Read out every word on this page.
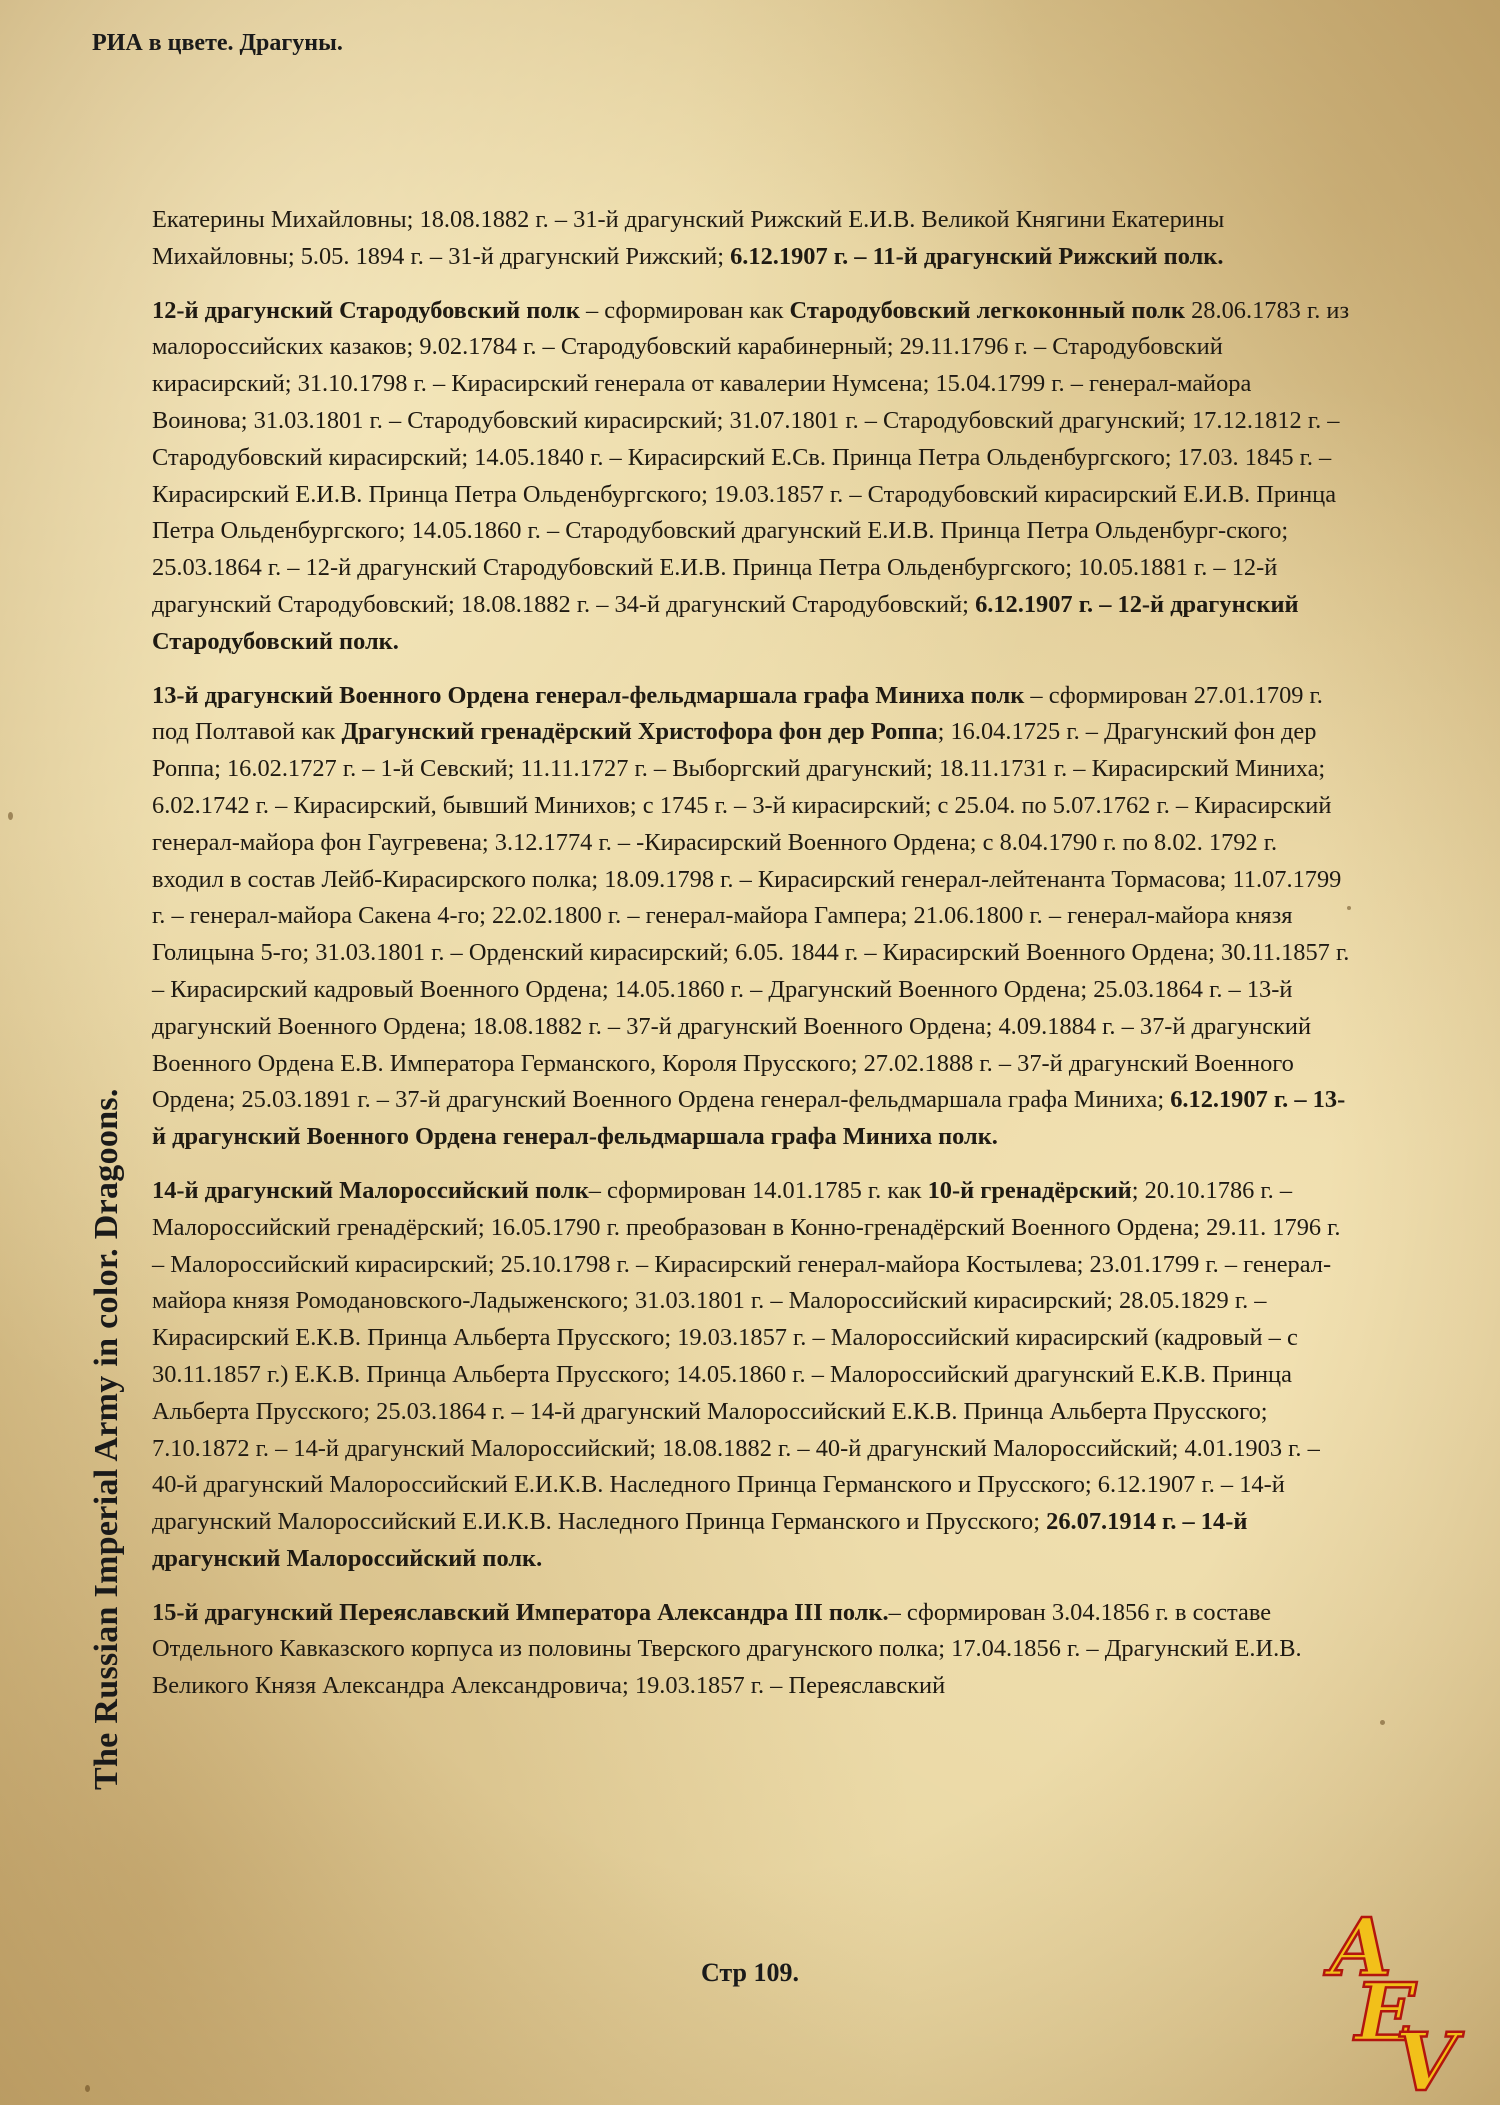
РИА в цвете. Драгуны.
The Russian Imperial Army in color. Dragoons.

Екатерины Михайловны; 18.08.1882 г. – 31-й драгунский Рижский Е.И.В. Великой Княгини Екатерины Михайловны; 5.05. 1894 г. – 31-й драгунский Рижский; 6.12.1907 г. – 11-й драгунский Рижский полк.

12-й драгунский Стародубовский полк – сформирован как Стародубовский легкоконный полк 28.06.1783 г. из малороссийских казаков; 9.02.1784 г. – Стародубовский карабинерный; 29.11.1796 г. – Стародубовский кирасирский; 31.10.1798 г. – Кирасирский генерала от кавалерии Нумсена; 15.04.1799 г. – генерал-майора Воинова; 31.03.1801 г. – Стародубовский кирасирский; 31.07.1801 г. – Стародубовский драгунский; 17.12.1812 г. – Стародубовский кирасирский; 14.05.1840 г. – Кирасирский Е.Св. Принца Петра Ольденбургского; 17.03. 1845 г. – Кирасирский Е.И.В. Принца Петра Ольденбургского; 19.03.1857 г. – Стародубовский кирасирский Е.И.В. Принца Петра Ольденбургского; 14.05.1860 г. – Стародубовский драгунский Е.И.В. Принца Петра Ольденбург-ского; 25.03.1864 г. – 12-й драгунский Стародубовский Е.И.В. Принца Петра Ольденбургского; 10.05.1881 г. – 12-й драгунский Стародубовский; 18.08.1882 г. – 34-й драгунский Стародубовский; 6.12.1907 г. – 12-й драгунский Стародубовский полк.

13-й драгунский Военного Ордена генерал-фельдмаршала графа Миниха полк – сформирован 27.01.1709 г. под Полтавой как Драгунский гренадёрский Христофора фон дер Роппа; 16.04.1725 г. – Драгунский фон дер Роппа; 16.02.1727 г. – 1-й Севский; 11.11.1727 г. – Выборгский драгунский; 18.11.1731 г. – Кирасирский Миниха; 6.02.1742 г. – Кирасирский, бывший Минихов; с 1745 г. – 3-й кирасирский; с 25.04. по 5.07.1762 г. – Кирасирский генерал-майора фон Гаугревена; 3.12.1774 г. – -Кирасирский Военного Ордена; с 8.04.1790 г. по 8.02. 1792 г. входил в состав Лейб-Кирасирского полка; 18.09.1798 г. – Кирасирский генерал-лейтенанта Тормасова; 11.07.1799 г. – генерал-майора Сакена 4-го; 22.02.1800 г. – генерал-майора Гампера; 21.06.1800 г. – генерал-майора князя Голицына 5-го; 31.03.1801 г. – Орденский кирасирский; 6.05. 1844 г. – Кирасирский Военного Ордена; 30.11.1857 г. – Кирасирский кадровый Военного Ордена; 14.05.1860 г. – Драгунский Военного Ордена; 25.03.1864 г. – 13-й драгунский Военного Ордена; 18.08.1882 г. – 37-й драгунский Военного Ордена; 4.09.1884 г. – 37-й драгунский Военного Ордена Е.В. Императора Германского, Короля Прусского; 27.02.1888 г. – 37-й драгунский Военного Ордена; 25.03.1891 г. – 37-й драгунский Военного Ордена генерал-фельдмаршала графа Миниха; 6.12.1907 г. – 13-й драгунский Военного Ордена генерал-фельдмаршала графа Миниха полк.

14-й драгунский Малороссийский полк– сформирован 14.01.1785 г. как 10-й гренадёрский; 20.10.1786 г. – Малороссийский гренадёрский; 16.05.1790 г. преобразован в Конно-гренадёрский Военного Ордена; 29.11. 1796 г. – Малороссийский кирасирский; 25.10.1798 г. – Кирасирский генерал-майора Костылева; 23.01.1799 г. – генерал-майора князя Ромодановского-Ладыженского; 31.03.1801 г. – Малороссийский кирасирский; 28.05.1829 г. – Кирасирский Е.К.В. Принца Альберта Прусского; 19.03.1857 г. – Малороссийский кирасирский (кадровый – с 30.11.1857 г.) Е.К.В. Принца Альберта Прусского; 14.05.1860 г. – Малороссийский драгунский Е.К.В. Принца Альберта Прусского; 25.03.1864 г. – 14-й драгунский Малороссийский Е.К.В. Принца Альберта Прусского; 7.10.1872 г. – 14-й драгунский Малороссийский; 18.08.1882 г. – 40-й драгунский Малороссийский; 4.01.1903 г. – 40-й драгунский Малороссийский Е.И.К.В. Наследного Принца Германского и Прусского; 6.12.1907 г. – 14-й драгунский Малороссийский Е.И.К.В. Наследного Принца Германского и Прусского; 26.07.1914 г. – 14-й драгунский Малороссийский полк.

15-й драгунский Переяславский Императора Александра III полк.– сформирован 3.04.1856 г. в составе Отдельного Кавказского корпуса из половины Тверского драгунского полка; 17.04.1856 г. – Драгунский Е.И.В. Великого Князя Александра Александровича; 19.03.1857 г. – Переяславский

Стр 109.	A
E
V
